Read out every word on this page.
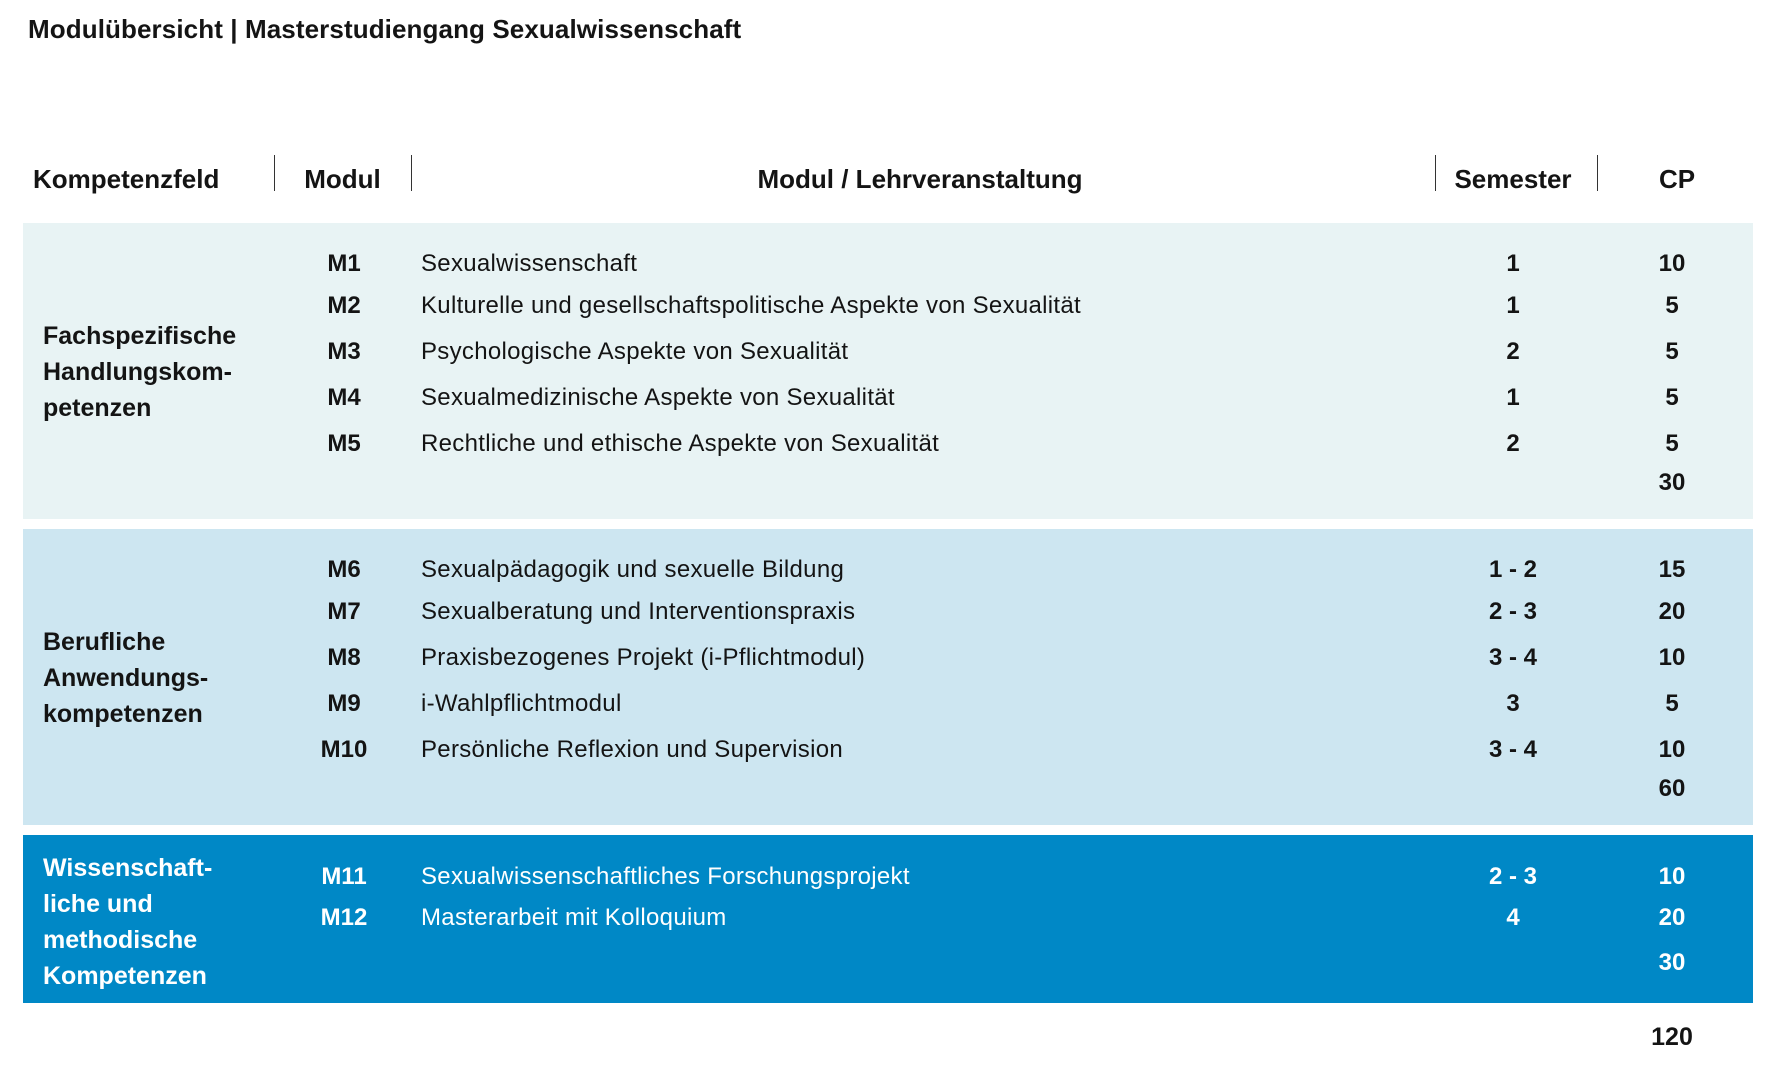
Modulübersicht | Masterstudiengang Sexualwissenschaft
Kompetenzfeld	Modul	Modul / Lehrveranstaltung	Semester	CP
Fachspezifische
Handlungskom-
petenzen
M1	Sexualwissenschaft	1	10
M2	Kulturelle und gesellschaftspolitische Aspekte von Sexualität	1	5
M3	Psychologische Aspekte von Sexualität	2	5
M4	Sexualmedizinische Aspekte von Sexualität	1	5
M5	Rechtliche und ethische Aspekte von Sexualität	2	5
30
Berufliche
Anwendungs-
kompetenzen
M6	Sexualpädagogik und sexuelle Bildung	1 - 2	15
M7	Sexualberatung und Interventionspraxis	2 - 3	20
M8	Praxisbezogenes Projekt (i-Pflichtmodul)	3 - 4	10
M9	i-Wahlpflichtmodul	3	5
M10	Persönliche Reflexion und Supervision	3 - 4	10
60
Wissenschaft-
liche und
methodische
Kompetenzen
M11	Sexualwissenschaftliches Forschungsprojekt	2 - 3	10
M12	Masterarbeit mit Kolloquium	4	20
30
120
